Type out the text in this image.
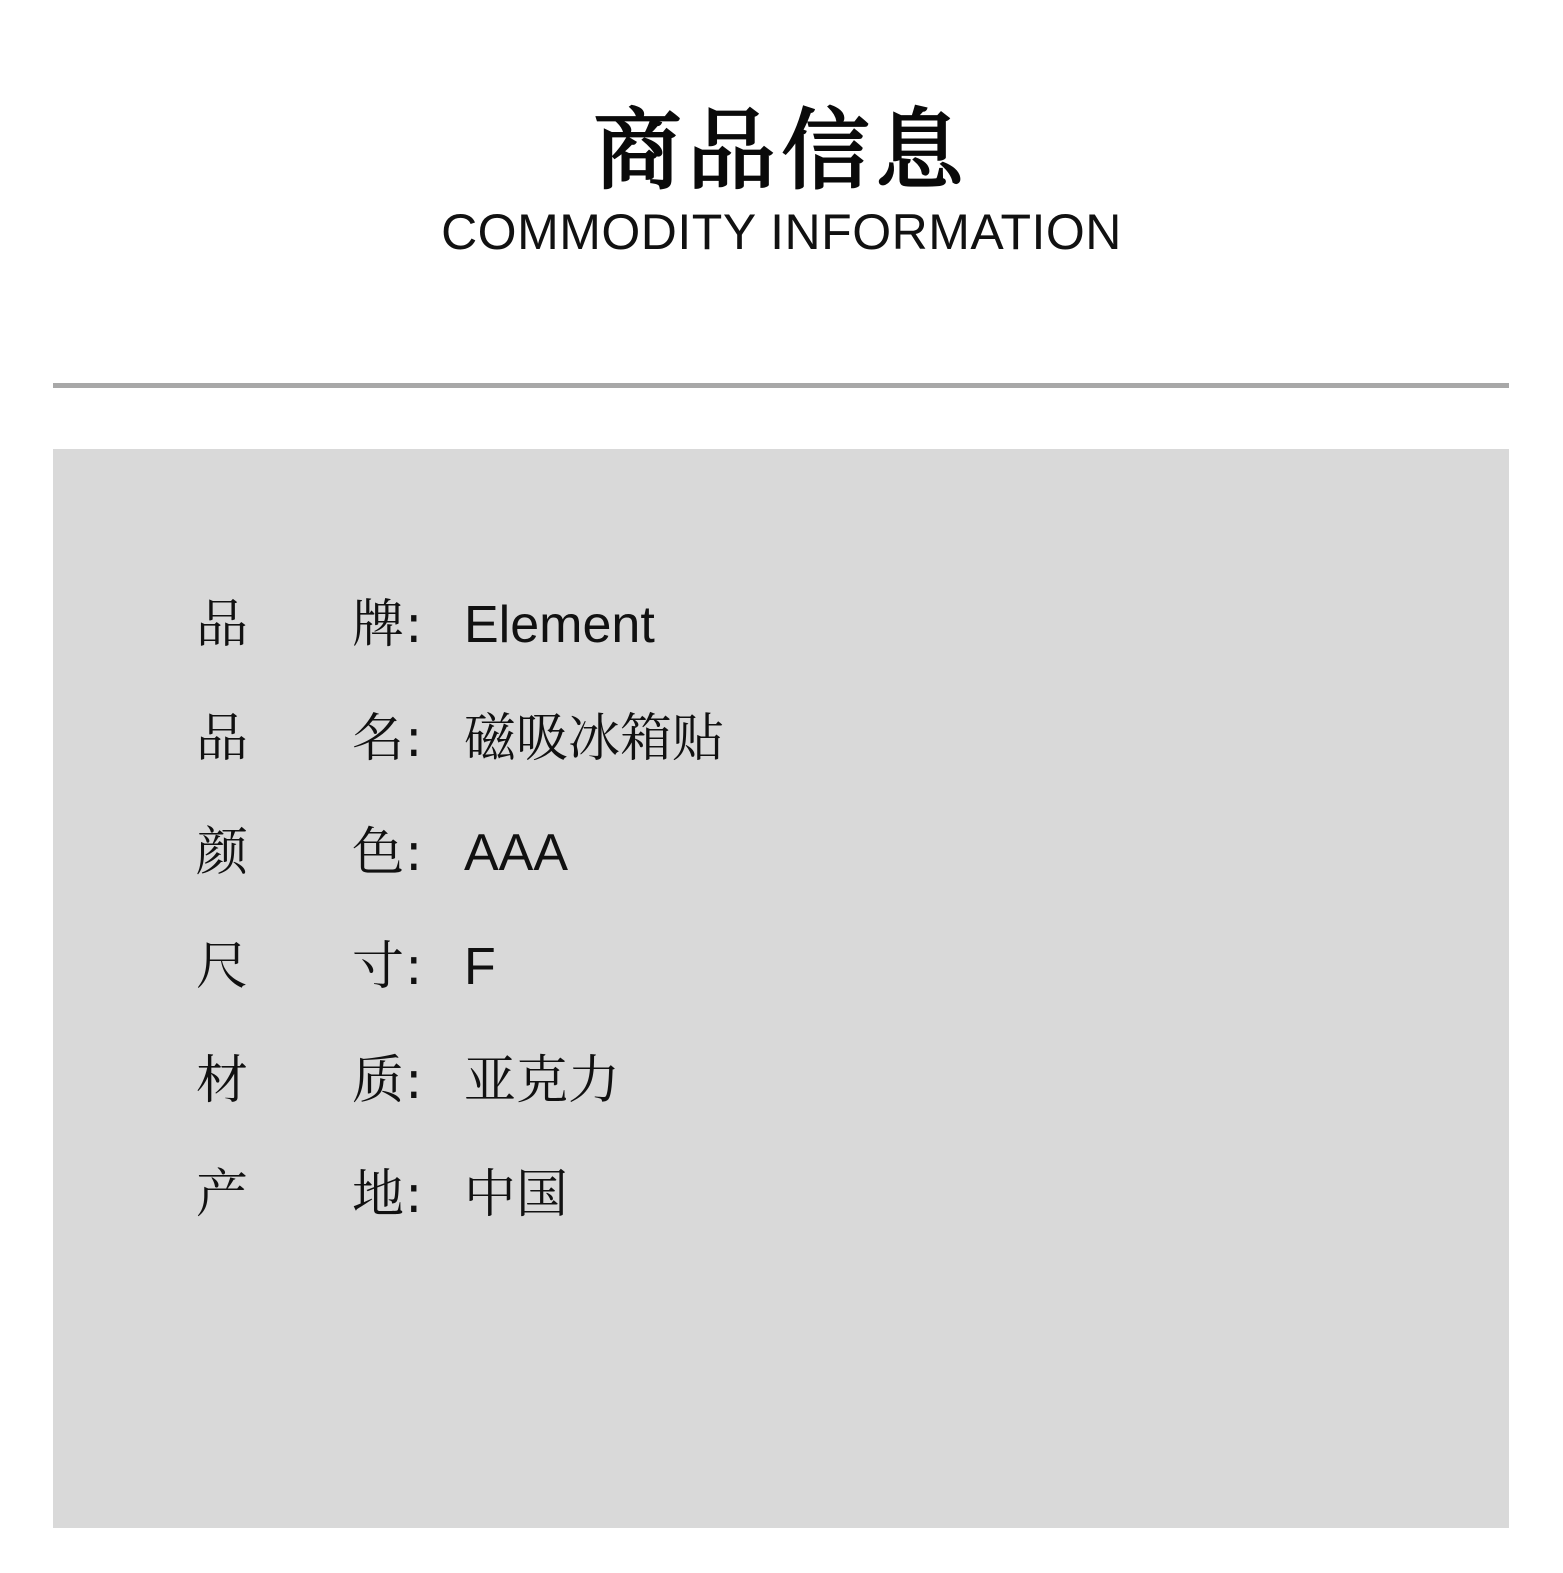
商品信息
COMMODITY INFORMATION
品 牌 : Element
品 名 : 磁吸冰箱贴
颜 色 : AAA
尺 寸 : F
材 质 : 亚克力
产 地 : 中国
